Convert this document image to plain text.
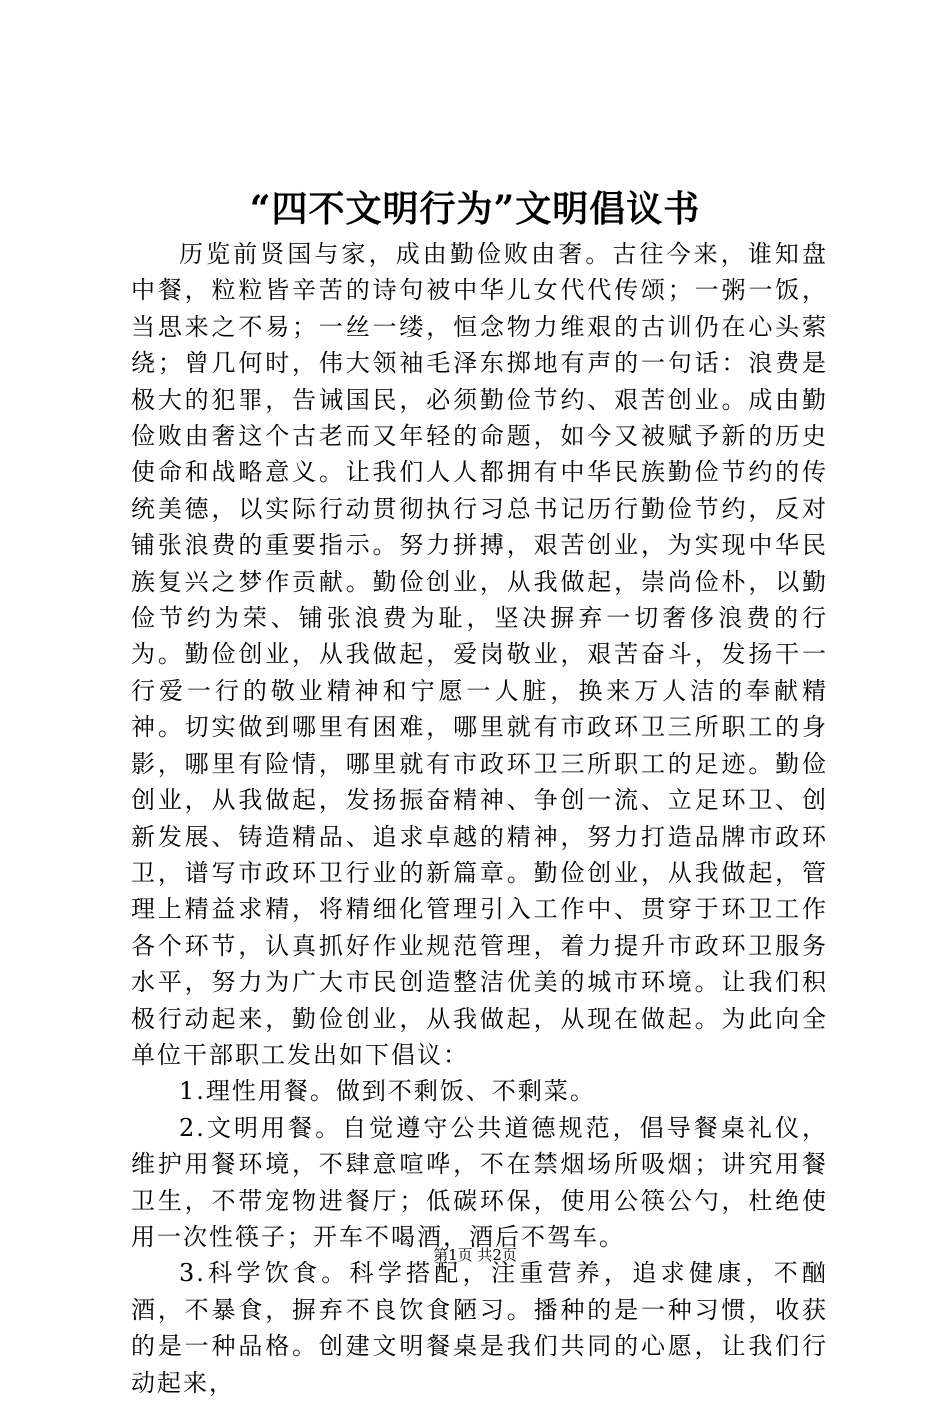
“四不文明行为”文明倡议书

历览前贤国与家，成由勤俭败由奢。古往今来，谁知盘中餐，粒粒皆辛苦的诗句被中华儿女代代传颂；一粥一饭，当思来之不易；一丝一缕，恒念物力维艰的古训仍在心头萦绕；曾几何时，伟大领袖毛泽东掷地有声的一句话：浪费是极大的犯罪，告诫国民，必须勤俭节约、艰苦创业。成由勤俭败由奢这个古老而又年轻的命题，如今又被赋予新的历史使命和战略意义。让我们人人都拥有中华民族勤俭节约的传统美德，以实际行动贯彻执行习总书记历行勤俭节约，反对铺张浪费的重要指示。努力拼搏，艰苦创业，为实现中华民族复兴之梦作贡献。勤俭创业，从我做起，崇尚俭朴，以勤俭节约为荣、铺张浪费为耻，坚决摒弃一切奢侈浪费的行为。勤俭创业，从我做起，爱岗敬业，艰苦奋斗，发扬干一行爱一行的敬业精神和宁愿一人脏，换来万人洁的奉献精神。切实做到哪里有困难，哪里就有市政环卫三所职工的身影，哪里有险情，哪里就有市政环卫三所职工的足迹。勤俭创业，从我做起，发扬振奋精神、争创一流、立足环卫、创新发展、铸造精品、追求卓越的精神，努力打造品牌市政环卫，谱写市政环卫行业的新篇章。勤俭创业，从我做起，管理上精益求精，将精细化管理引入工作中、贯穿于环卫工作各个环节，认真抓好作业规范管理，着力提升市政环卫服务水平，努力为广大市民创造整洁优美的城市环境。让我们积极行动起来，勤俭创业，从我做起，从现在做起。为此向全单位干部职工发出如下倡议：

1.理性用餐。做到不剩饭、不剩菜。

2.文明用餐。自觉遵守公共道德规范，倡导餐桌礼仪，维护用餐环境，不肆意喧哗，不在禁烟场所吸烟；讲究用餐卫生，不带宠物进餐厅；低碳环保，使用公筷公勺，杜绝使用一次性筷子；开车不喝酒，酒后不驾车。

3.科学饮食。科学搭配，注重营养，追求健康，不酗酒，不暴食，摒弃不良饮食陋习。播种的是一种习惯，收获的是一种品格。创建文明餐桌是我们共同的心愿，让我们行动起来，

第1页 共2页
